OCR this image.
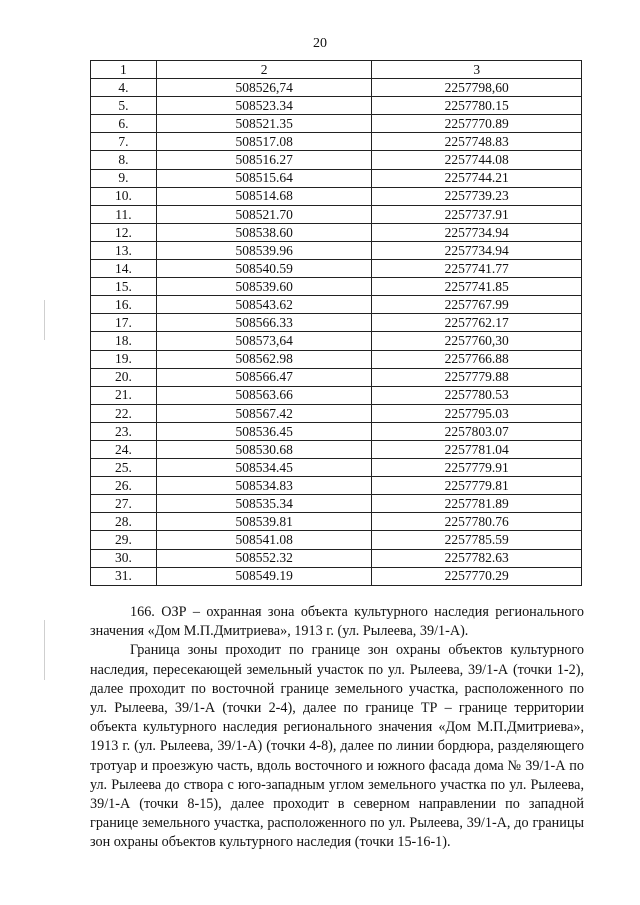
20
1	2	3
4.	508526,74	2257798,60
5.	508523.34	2257780.15
6.	508521.35	2257770.89
7.	508517.08	2257748.83
8.	508516.27	2257744.08
9.	508515.64	2257744.21
10.	508514.68	2257739.23
11.	508521.70	2257737.91
12.	508538.60	2257734.94
13.	508539.96	2257734.94
14.	508540.59	2257741.77
15.	508539.60	2257741.85
16.	508543.62	2257767.99
17.	508566.33	2257762.17
18.	508573,64	2257760,30
19.	508562.98	2257766.88
20.	508566.47	2257779.88
21.	508563.66	2257780.53
22.	508567.42	2257795.03
23.	508536.45	2257803.07
24.	508530.68	2257781.04
25.	508534.45	2257779.91
26.	508534.83	2257779.81
27.	508535.34	2257781.89
28.	508539.81	2257780.76
29.	508541.08	2257785.59
30.	508552.32	2257782.63
31.	508549.19	2257770.29

166. ОЗР – охранная зона объекта культурного наследия регионального значения «Дом М.П.Дмитриева», 1913 г. (ул. Рылеева, 39/1-А).

Граница зоны проходит по границе зон охраны объектов культурного наследия, пересекающей земельный участок по ул. Рылеева, 39/1-А (точки 1-2), далее проходит по восточной границе земельного участка, расположенного по ул. Рылеева, 39/1-А (точки 2-4), далее по границе ТР – границе территории объекта культурного наследия регионального значения «Дом М.П.Дмитриева», 1913 г. (ул. Рылеева, 39/1-А) (точки 4-8), далее по линии бордюра, разделяющего тротуар и проезжую часть, вдоль восточного и южного фасада дома № 39/1-А по ул. Рылеева до створа с юго-западным углом земельного участка по ул. Рылеева, 39/1-А (точки 8-15), далее проходит в северном направлении по западной границе земельного участка, расположенного по ул. Рылеева, 39/1-А, до границы зон охраны объектов культурного наследия (точки 15-16-1).
